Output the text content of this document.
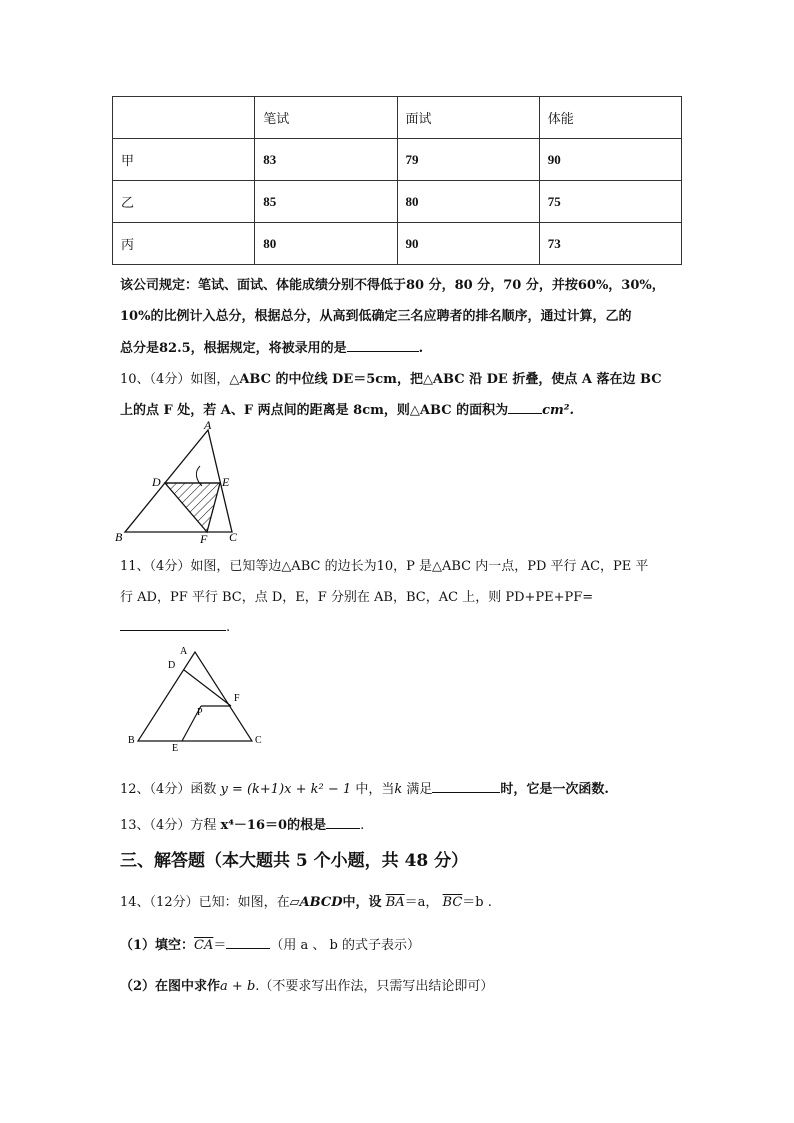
	笔试	面试	体能
甲	83	79	90
乙	85	80	75
丙	80	90	73
该公司规定：笔试、面试、体能成绩分别不得低于80 分，80 分，70 分，并按60%，30%，
10%的比例计入总分，根据总分，从高到低确定三名应聘者的排名顺序，通过计算，乙的
总分是82.5，根据规定，将被录用的是	.
10、（4分）如图，△ABC 的中位线 DE＝5cm，把△ABC 沿 DE 折叠，使点 A 落在边 BC
上的点 F 处，若 A、F 两点间的距离是 8cm，则△ABC 的面积为	cm².
A
B	C
D	E
F
11、（4分）如图，已知等边△ABC 的边长为10，P 是△ABC 内一点，PD 平行 AC，PE 平
行 AD，PF 平行 BC，点 D，E，F 分别在 AB，BC，AC 上，则 PD+PE+PF=
.
A
B	C
D
E
F
P
12、（4分）函数 y = (k+1)x + k² − 1 中，当k 满足	时，它是一次函数.
13、（4分）方程 x⁴－16＝0的根是	.
三、解答题（本大题共 5 个小题，共 48 分）
14、（12分）已知：如图，在▱ABCD中，设 $\overline{BA}=a$， $\overline{BC}=b$ .
（1）填空：$\overline{CA}=$	（用 a 、 b 的式子表示）
（2）在图中求作a + b.（不要求写出作法，只需写出结论即可）
